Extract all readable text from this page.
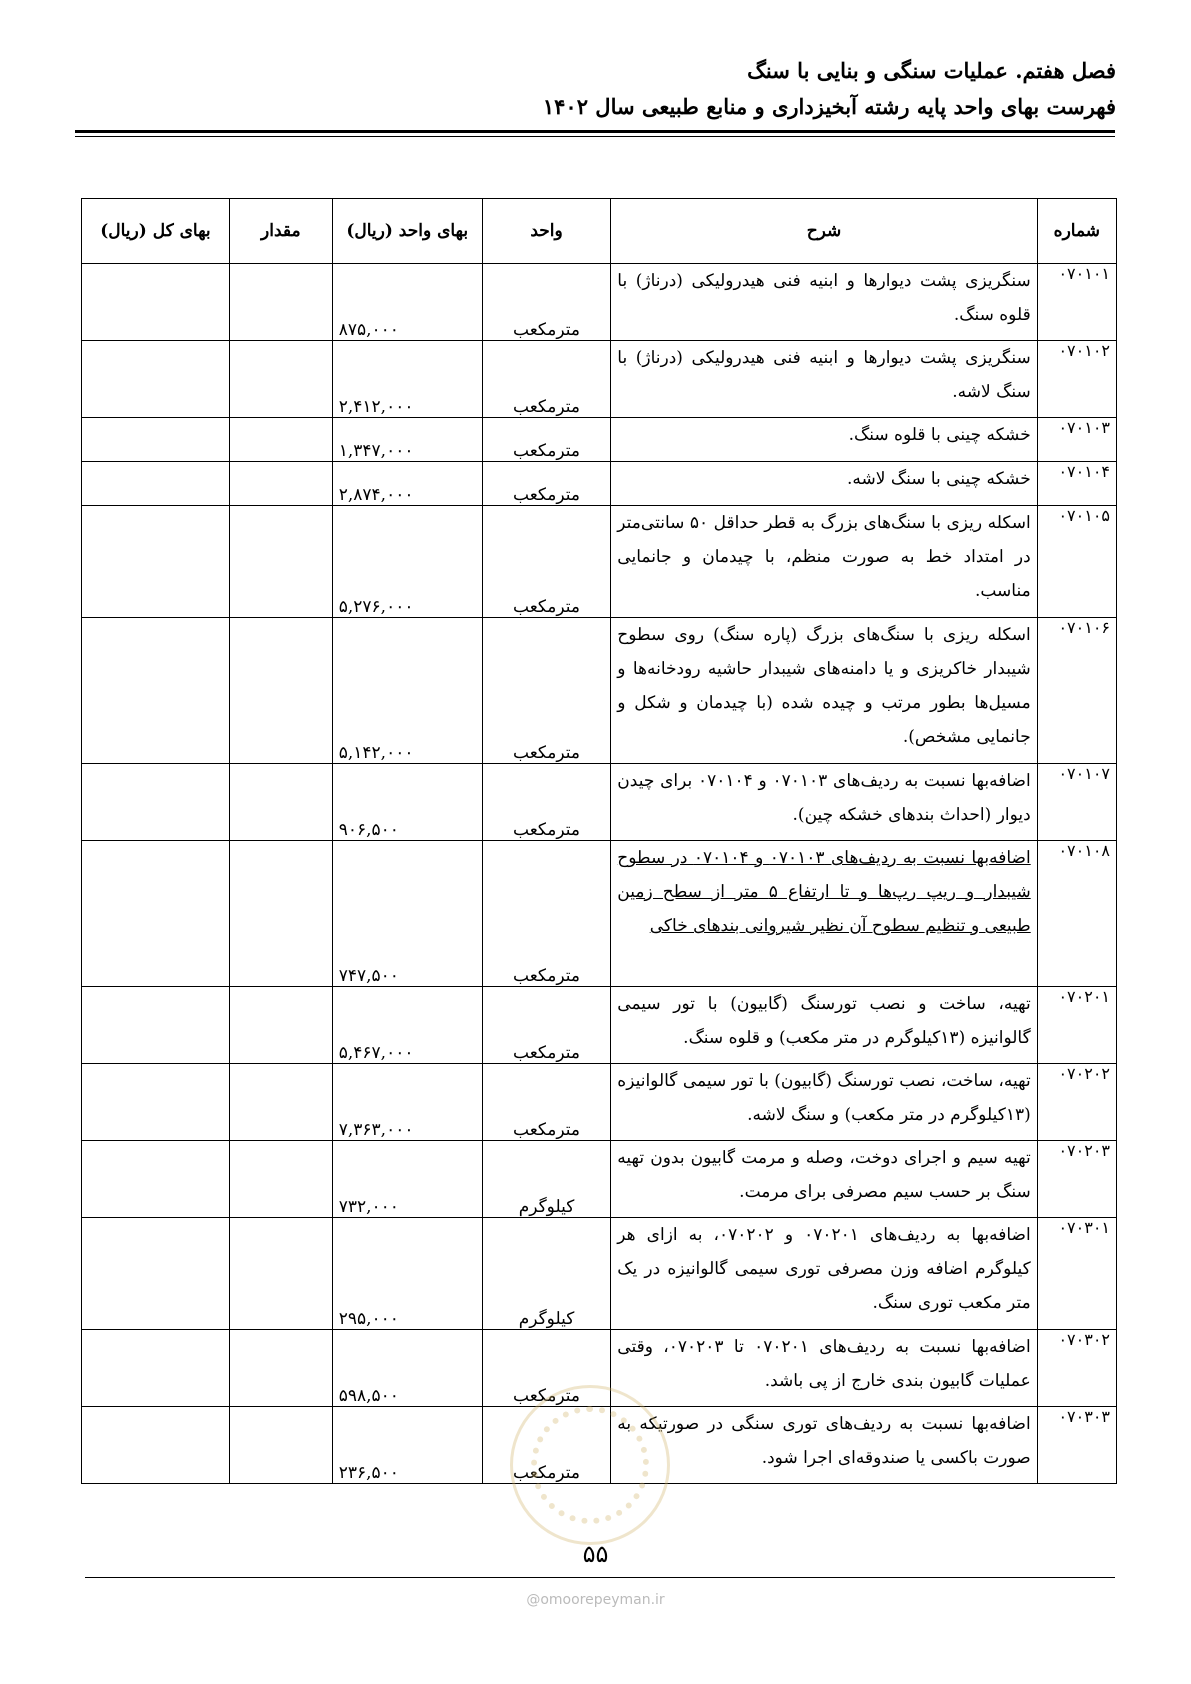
فصل هفتم. عملیات سنگی و بنایی با سنگ
فهرست بهای واحد پایه رشته آبخیزداری و منابع طبیعی سال ۱۴۰۲
شماره	شرح	واحد	بهای واحد (ریال)	مقدار	بهای کل (ریال)
۰۷۰۱۰۱	سنگریزی پشت دیوارها و ابنیه فنی هیدرولیکی (درناژ) با قلوه سنگ.	مترمکعب	۸۷۵,۰۰۰		
۰۷۰۱۰۲	سنگریزی پشت دیوارها و ابنیه فنی هیدرولیکی (درناژ) با سنگ لاشه.	مترمکعب	۲,۴۱۲,۰۰۰		
۰۷۰۱۰۳	خشکه چینی با قلوه سنگ.	مترمکعب	۱,۳۴۷,۰۰۰		
۰۷۰۱۰۴	خشکه چینی با سنگ لاشه.	مترمکعب	۲,۸۷۴,۰۰۰		
۰۷۰۱۰۵	اسکله ریزی با سنگ‌های بزرگ به قطر حداقل ۵۰ سانتی‌متر در امتداد خط به صورت منظم، با چیدمان و جانمایی مناسب.	مترمکعب	۵,۲۷۶,۰۰۰		
۰۷۰۱۰۶	اسکله ریزی با سنگ‌های بزرگ (پاره سنگ) روی سطوح شیبدار خاکریزی و یا دامنه‌های شیبدار حاشیه رودخانه‌ها و مسیل‌ها بطور مرتب و چیده شده (با چیدمان و شکل و جانمایی مشخص).	مترمکعب	۵,۱۴۲,۰۰۰		
۰۷۰۱۰۷	اضافه‌بها نسبت به ردیف‌های ۰۷۰۱۰۳ و ۰۷۰۱۰۴ برای چیدن دیوار (احداث بندهای خشکه چین).	مترمکعب	۹۰۶,۵۰۰		
۰۷۰۱۰۸	اضافه‌بها نسبت به ردیف‌های ۰۷۰۱۰۳ و ۰۷۰۱۰۴ در سطوح شیبدار و ریپ رپ‌ها و تا ارتفاع ۵ متر از سطح زمین طبیعی و تنظیم سطوح آن نظیر شیروانی بندهای خاکی	مترمکعب	۷۴۷,۵۰۰		
۰۷۰۲۰۱	تهیه، ساخت و نصب تورسنگ (گابیون) با تور سیمی گالوانیزه (۱۳کیلوگرم در متر مکعب) و قلوه سنگ.	مترمکعب	۵,۴۶۷,۰۰۰		
۰۷۰۲۰۲	تهیه، ساخت، نصب تورسنگ (گابیون) با تور سیمی گالوانیزه (۱۳کیلوگرم در متر مکعب) و سنگ لاشه.	مترمکعب	۷,۳۶۳,۰۰۰		
۰۷۰۲۰۳	تهیه سیم و اجرای دوخت، وصله و مرمت گابیون بدون تهیه سنگ بر حسب سیم مصرفی برای مرمت.	کیلوگرم	۷۳۲,۰۰۰		
۰۷۰۳۰۱	اضافه‌بها به ردیف‌های ۰۷۰۲۰۱ و ۰۷۰۲۰۲، به ازای هر کیلوگرم اضافه وزن مصرفی توری سیمی گالوانیزه در یک متر مکعب توری سنگ.	کیلوگرم	۲۹۵,۰۰۰		
۰۷۰۳۰۲	اضافه‌بها نسبت به ردیف‌های ۰۷۰۲۰۱ تا ۰۷۰۲۰۳، وقتی عملیات گابیون بندی خارج از پی باشد.	مترمکعب	۵۹۸,۵۰۰		
۰۷۰۳۰۳	اضافه‌بها نسبت به ردیف‌های توری سنگی در صورتیکه به صورت باکسی یا صندوقه‌ای اجرا شود.	مترمکعب	۲۳۶,۵۰۰		
۵۵
@omoorepeyman.ir
